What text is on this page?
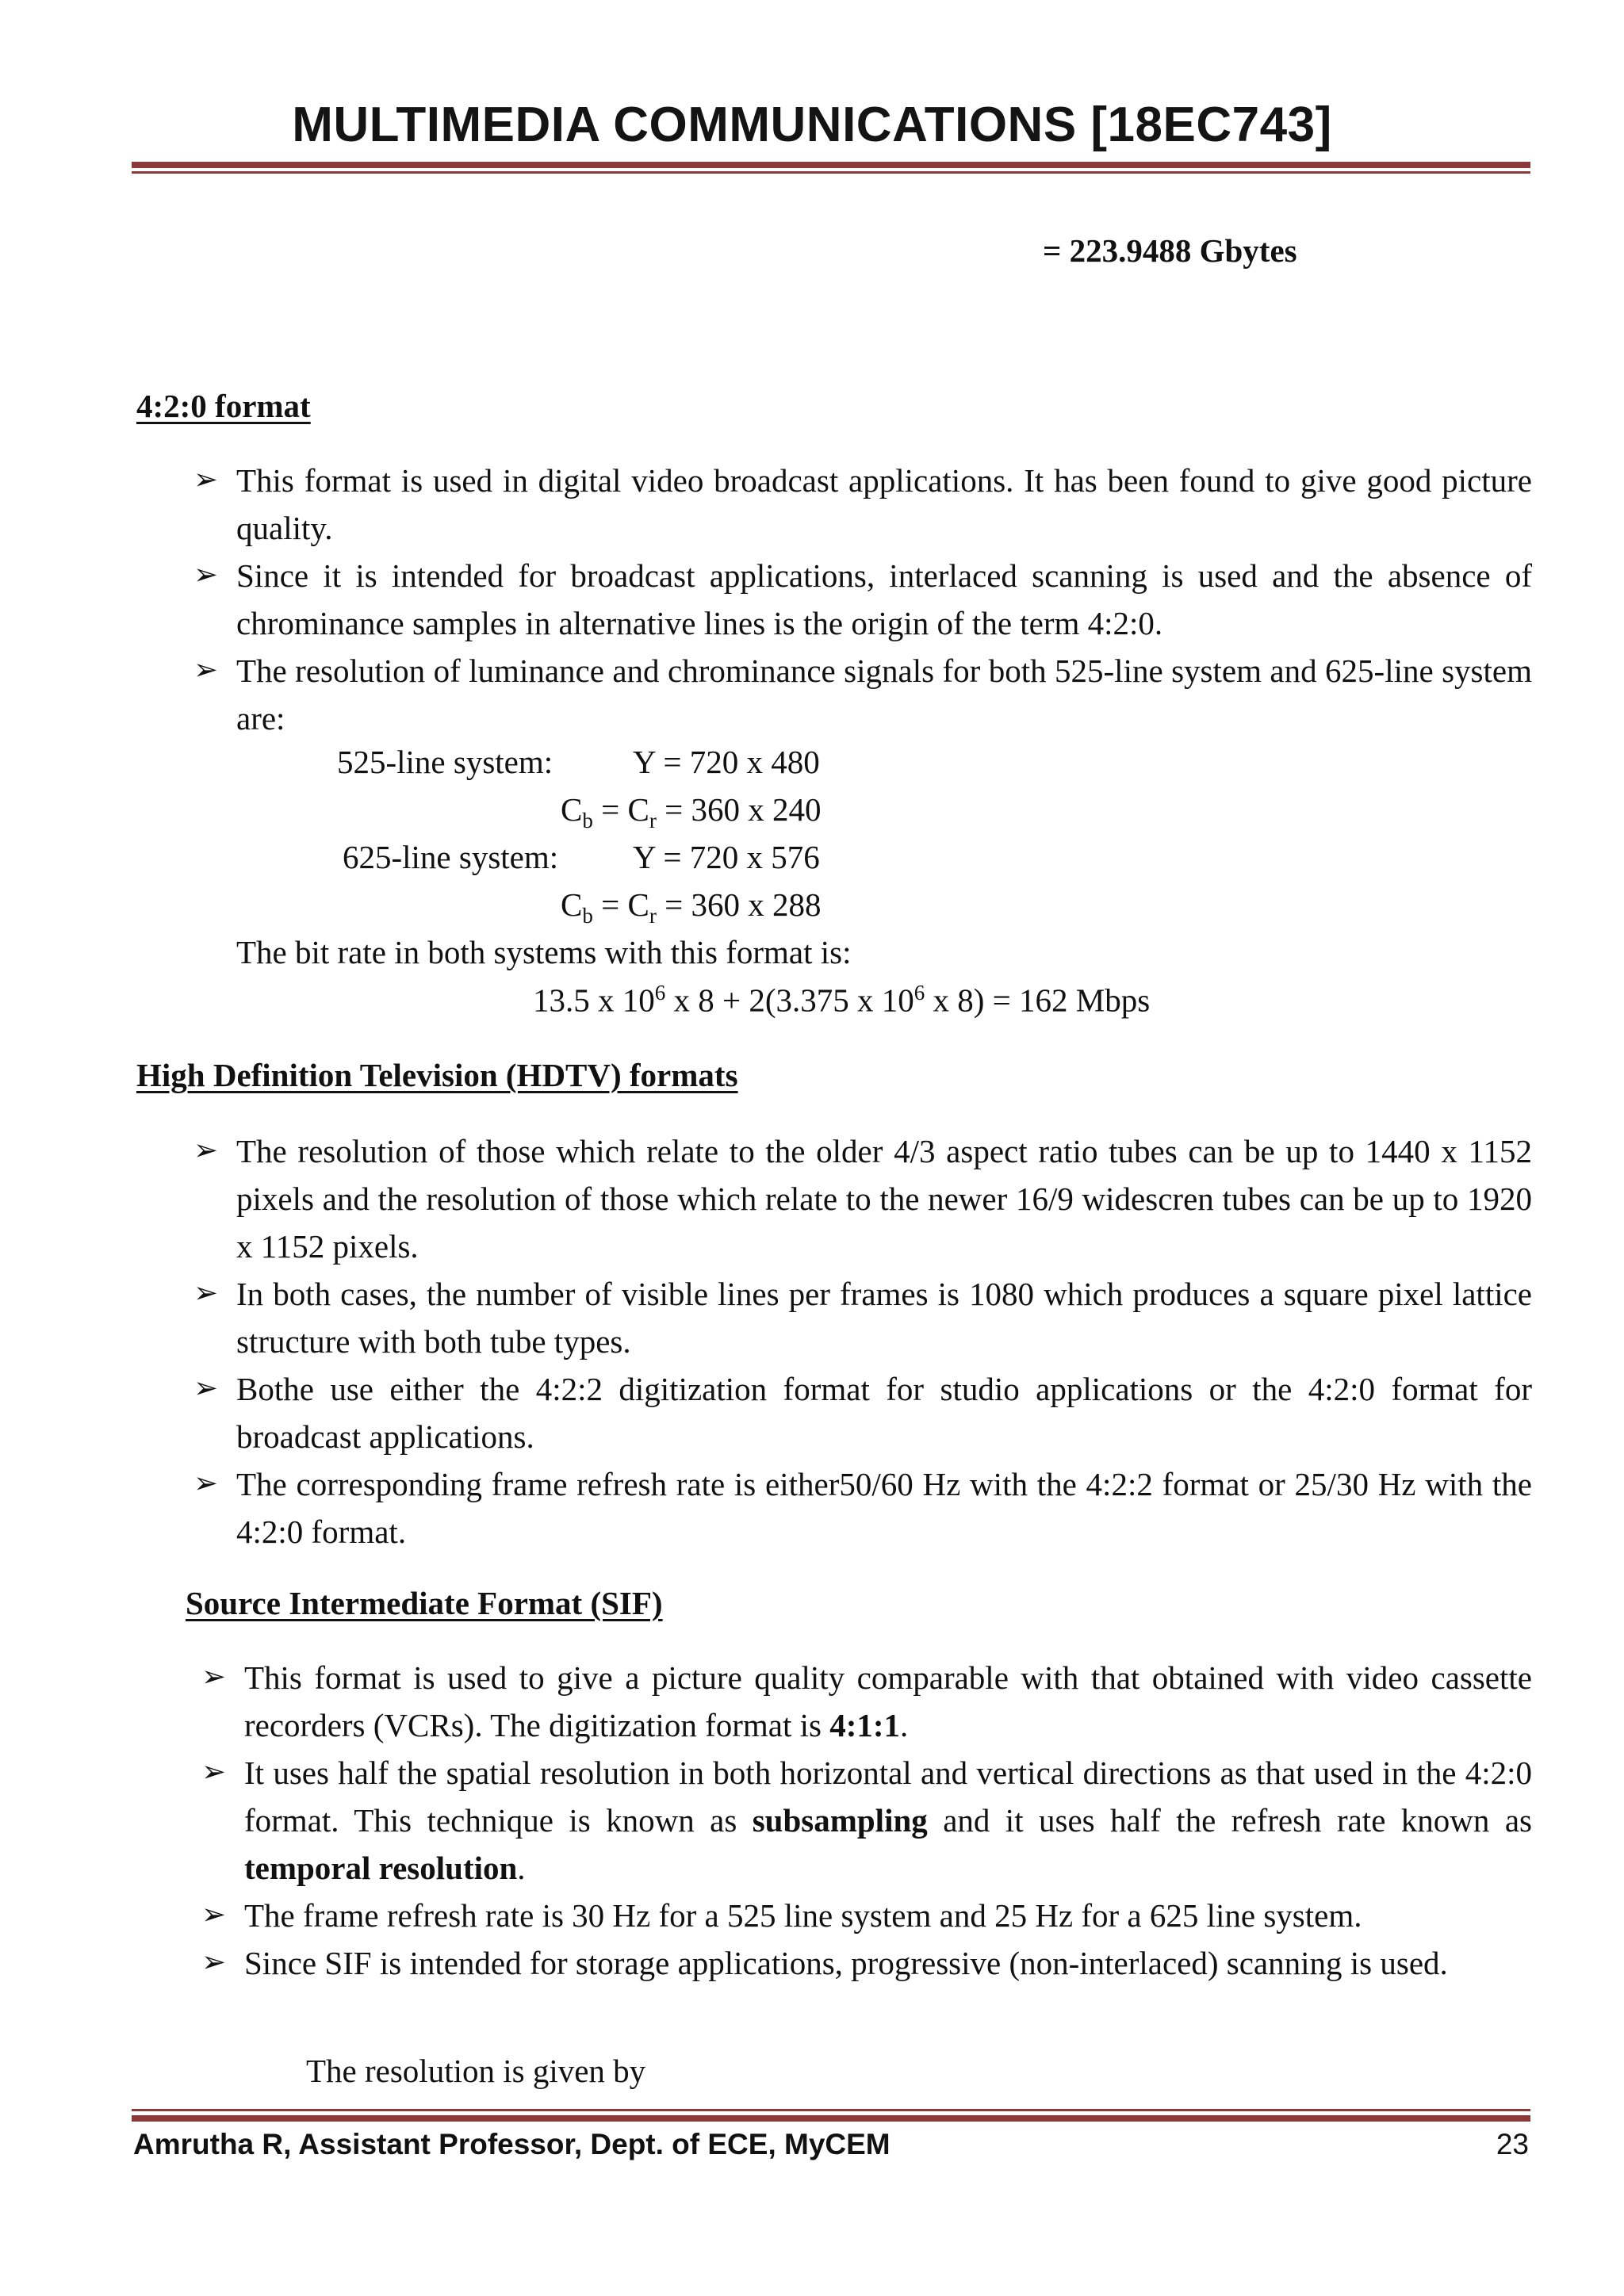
MULTIMEDIA COMMUNICATIONS [18EC743]
= 223.9488 Gbytes
4:2:0 format
➢ This format is used in digital video broadcast applications. It has been found to give good picture quality.
➢ Since it is intended for broadcast applications, interlaced scanning is used and the absence of chrominance samples in alternative lines is the origin of the term 4:2:0.
➢ The resolution of luminance and chrominance signals for both 525-line system and 625-line system are:
525-line system: Y = 720 x 480
$C_b = C_r = 360$ x 240
625-line system: Y = 720 x 576
$C_b = C_r = 360$ x 288
The bit rate in both systems with this format is:
13.5 x $10^6$ x 8 + 2(3.375 x $10^6$ x 8) = 162 Mbps
High Definition Television (HDTV) formats
➢ The resolution of those which relate to the older 4/3 aspect ratio tubes can be up to 1440 x 1152 pixels and the resolution of those which relate to the newer 16/9 widescren tubes can be up to 1920 x 1152 pixels.
➢ In both cases, the number of visible lines per frames is 1080 which produces a square pixel lattice structure with both tube types.
➢ Bothe use either the 4:2:2 digitization format for studio applications or the 4:2:0 format for broadcast applications.
➢ The corresponding frame refresh rate is either50/60 Hz with the 4:2:2 format or 25/30 Hz with the 4:2:0 format.
Source Intermediate Format (SIF)
➢ This format is used to give a picture quality comparable with that obtained with video cassette recorders (VCRs). The digitization format is 4:1:1.
➢ It uses half the spatial resolution in both horizontal and vertical directions as that used in the 4:2:0 format. This technique is known as subsampling and it uses half the refresh rate known as temporal resolution.
➢ The frame refresh rate is 30 Hz for a 525 line system and 25 Hz for a 625 line system.
➢ Since SIF is intended for storage applications, progressive (non-interlaced) scanning is used.
The resolution is given by
Amrutha R, Assistant Professor, Dept. of ECE, MyCEM	23
